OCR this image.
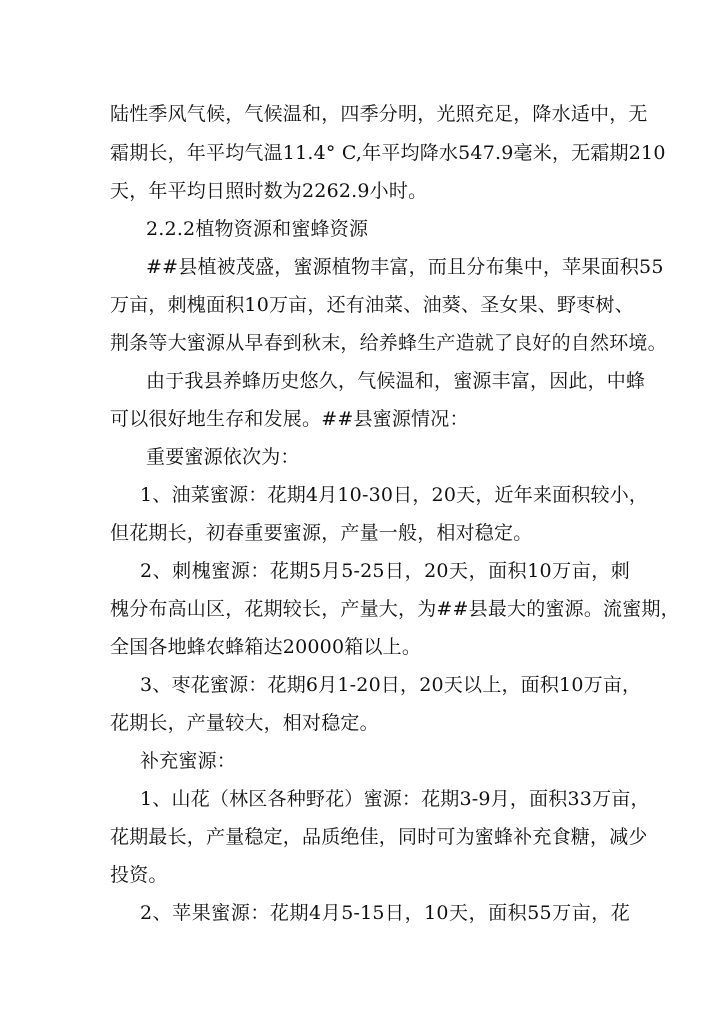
陆性季风气候，气候温和，四季分明，光照充足，降水适中，无
霜期长，年平均气温11.4° C,年平均降水547.9毫米，无霜期210
天，年平均日照时数为2262.9小时。
2.2.2植物资源和蜜蜂资源
##县植被茂盛，蜜源植物丰富，而且分布集中，苹果面积55
万亩，刺槐面积10万亩，还有油菜、油葵、圣女果、野枣树、
荆条等大蜜源从早春到秋末，给养蜂生产造就了良好的自然环境。
由于我县养蜂历史悠久，气候温和，蜜源丰富，因此，中蜂
可以很好地生存和发展。##县蜜源情况：
重要蜜源依次为：
1、油菜蜜源：花期4月10-30日，20天，近年来面积较小，
但花期长，初春重要蜜源，产量一般，相对稳定。
2、刺槐蜜源：花期5月5-25日，20天，面积10万亩，刺
槐分布高山区，花期较长，产量大，为##县最大的蜜源。流蜜期，
全国各地蜂农蜂箱达20000箱以上。
3、枣花蜜源：花期6月1-20日，20天以上，面积10万亩，
花期长，产量较大，相对稳定。
补充蜜源：
1、山花（林区各种野花）蜜源：花期3-9月，面积33万亩，
花期最长，产量稳定，品质绝佳，同时可为蜜蜂补充食糖，减少
投资。
2、苹果蜜源：花期4月5-15日，10天，面积55万亩，花
